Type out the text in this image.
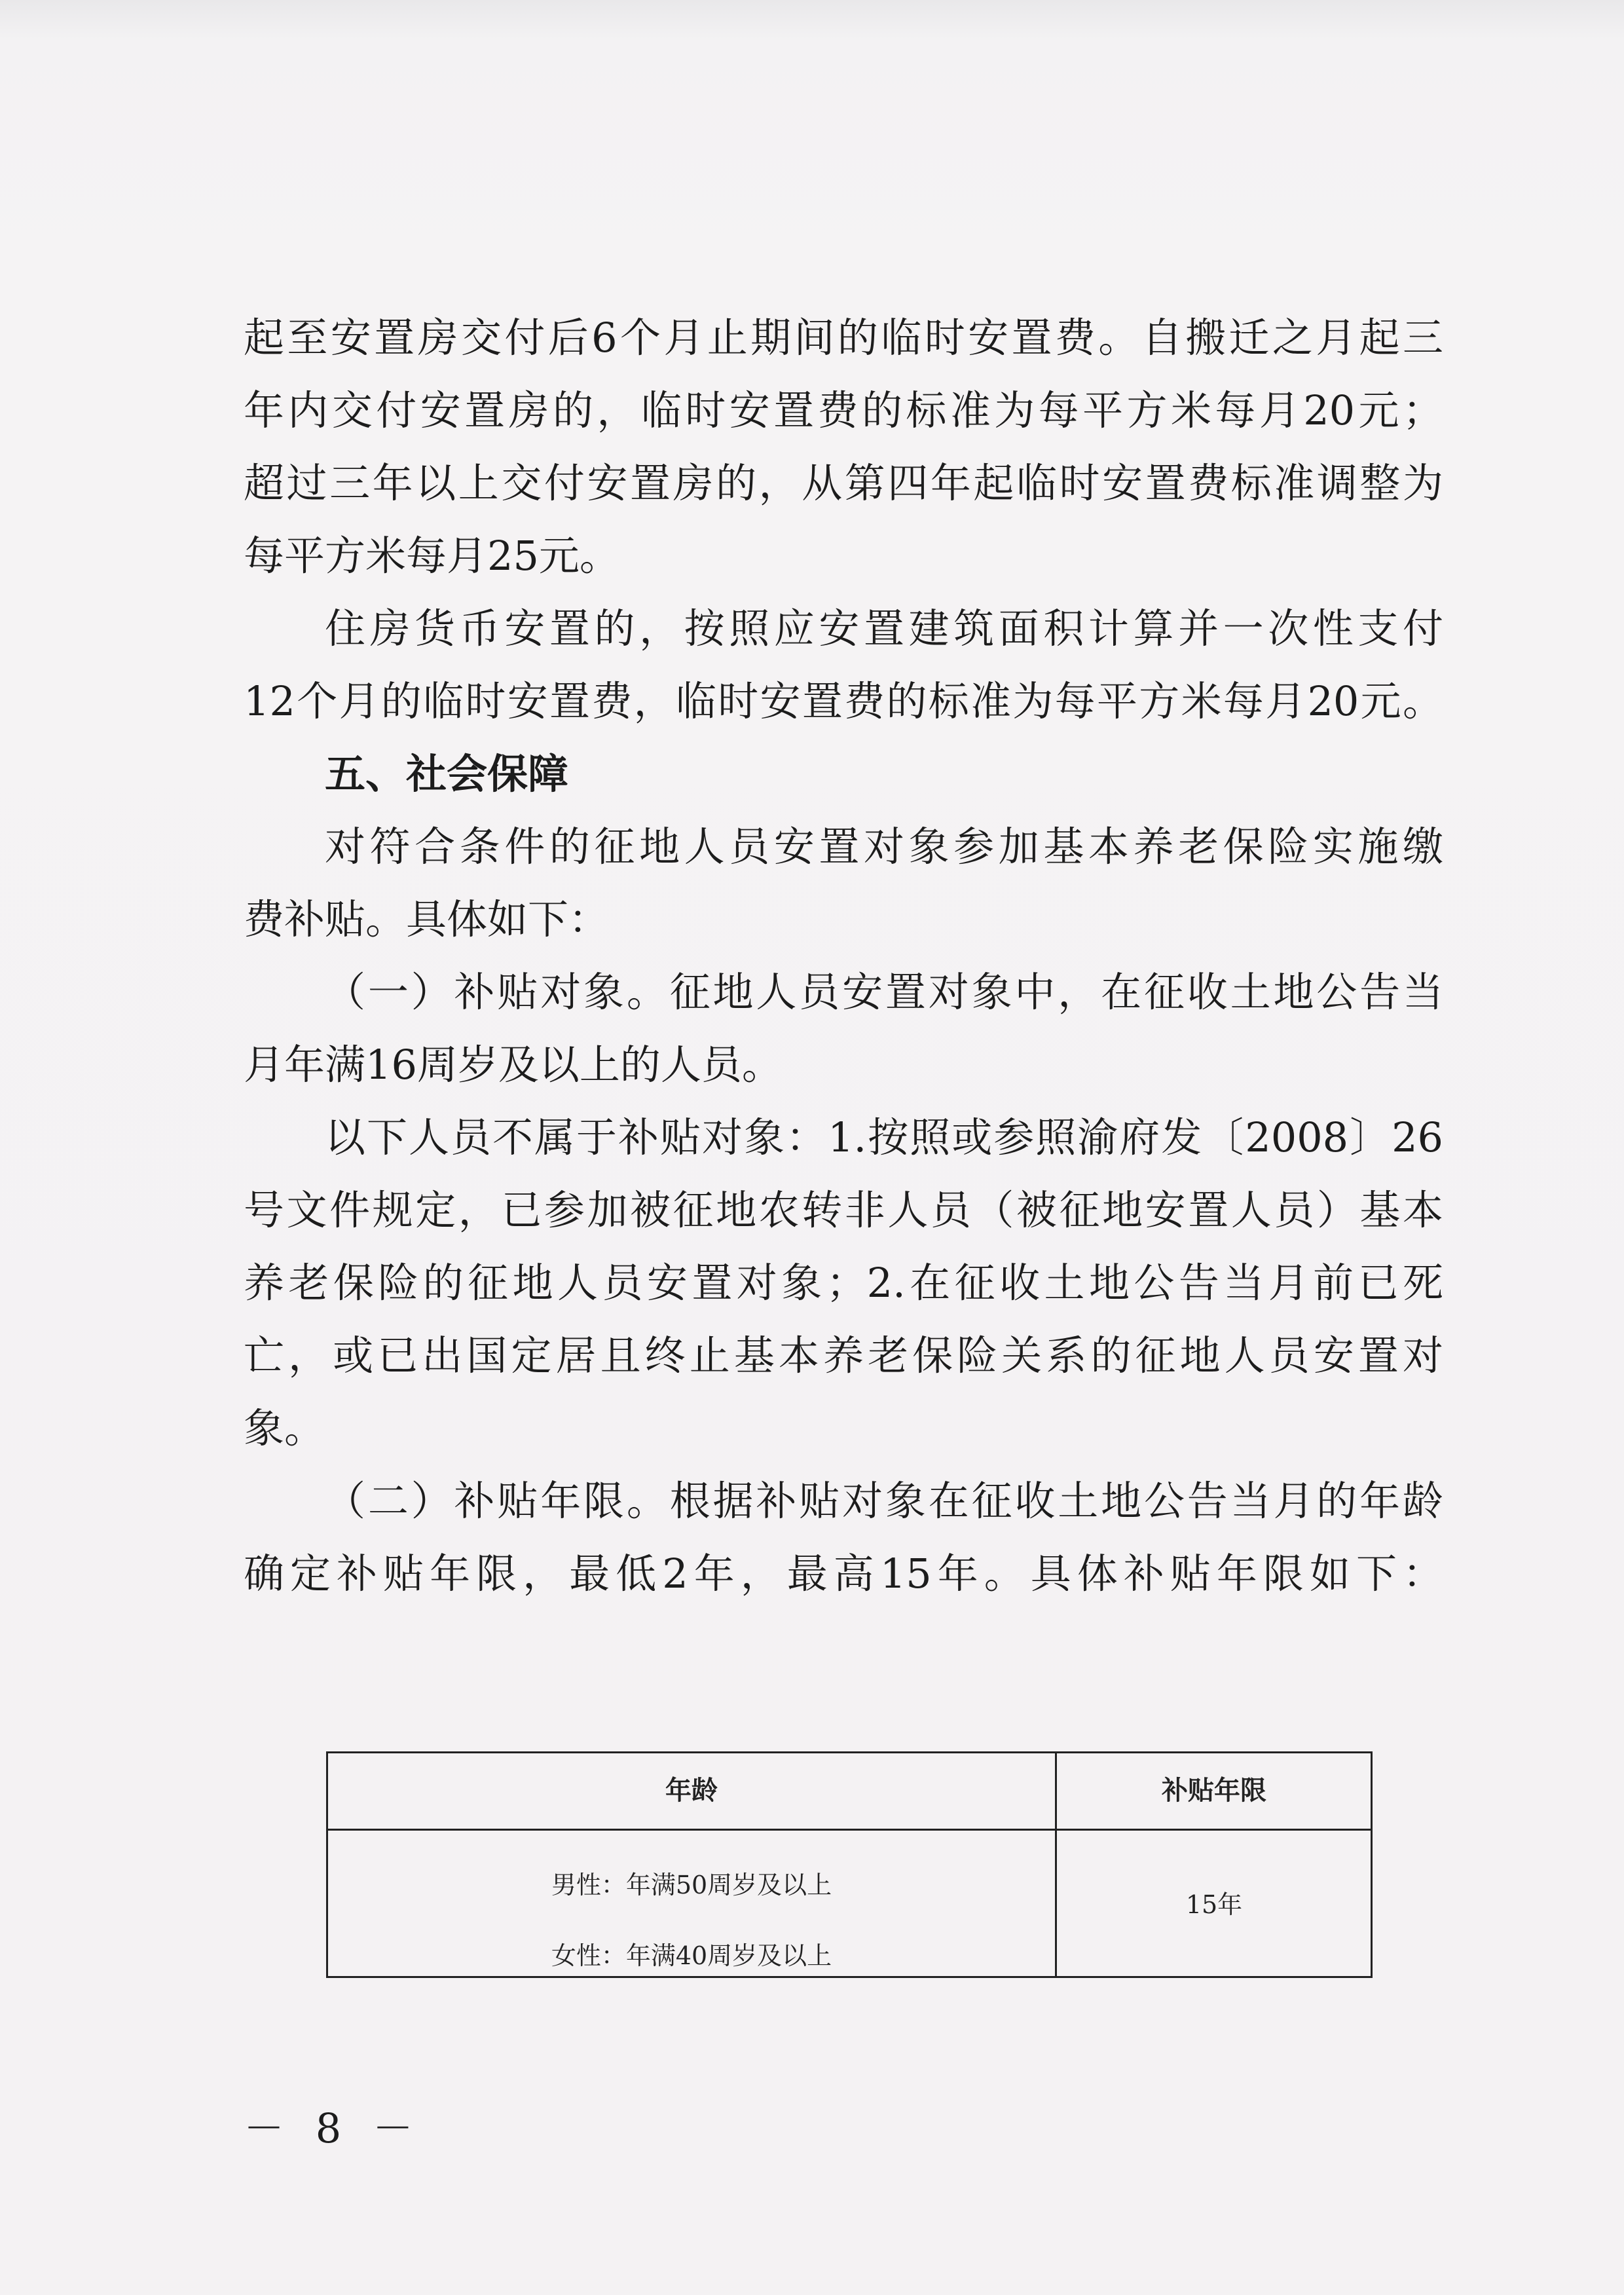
起至安置房交付后6个月止期间的临时安置费。自搬迁之月起三
年内交付安置房的，临时安置费的标准为每平方米每月20元；
超过三年以上交付安置房的，从第四年起临时安置费标准调整为
每平方米每月25元。
住房货币安置的，按照应安置建筑面积计算并一次性支付
12个月的临时安置费，临时安置费的标准为每平方米每月20元。
五、社会保障
对符合条件的征地人员安置对象参加基本养老保险实施缴
费补贴。具体如下：
（一）补贴对象。征地人员安置对象中，在征收土地公告当
月年满16周岁及以上的人员。
以下人员不属于补贴对象：1.按照或参照渝府发〔2008〕26
号文件规定，已参加被征地农转非人员（被征地安置人员）基本
养老保险的征地人员安置对象；2.在征收土地公告当月前已死
亡，或已出国定居且终止基本养老保险关系的征地人员安置对
象。
（二）补贴年限。根据补贴对象在征收土地公告当月的年龄
确定补贴年限，最低2年，最高15年。具体补贴年限如下：
年龄	补贴年限
男性：年满50周岁及以上
女性：年满40周岁及以上
15年
－ 8 －
